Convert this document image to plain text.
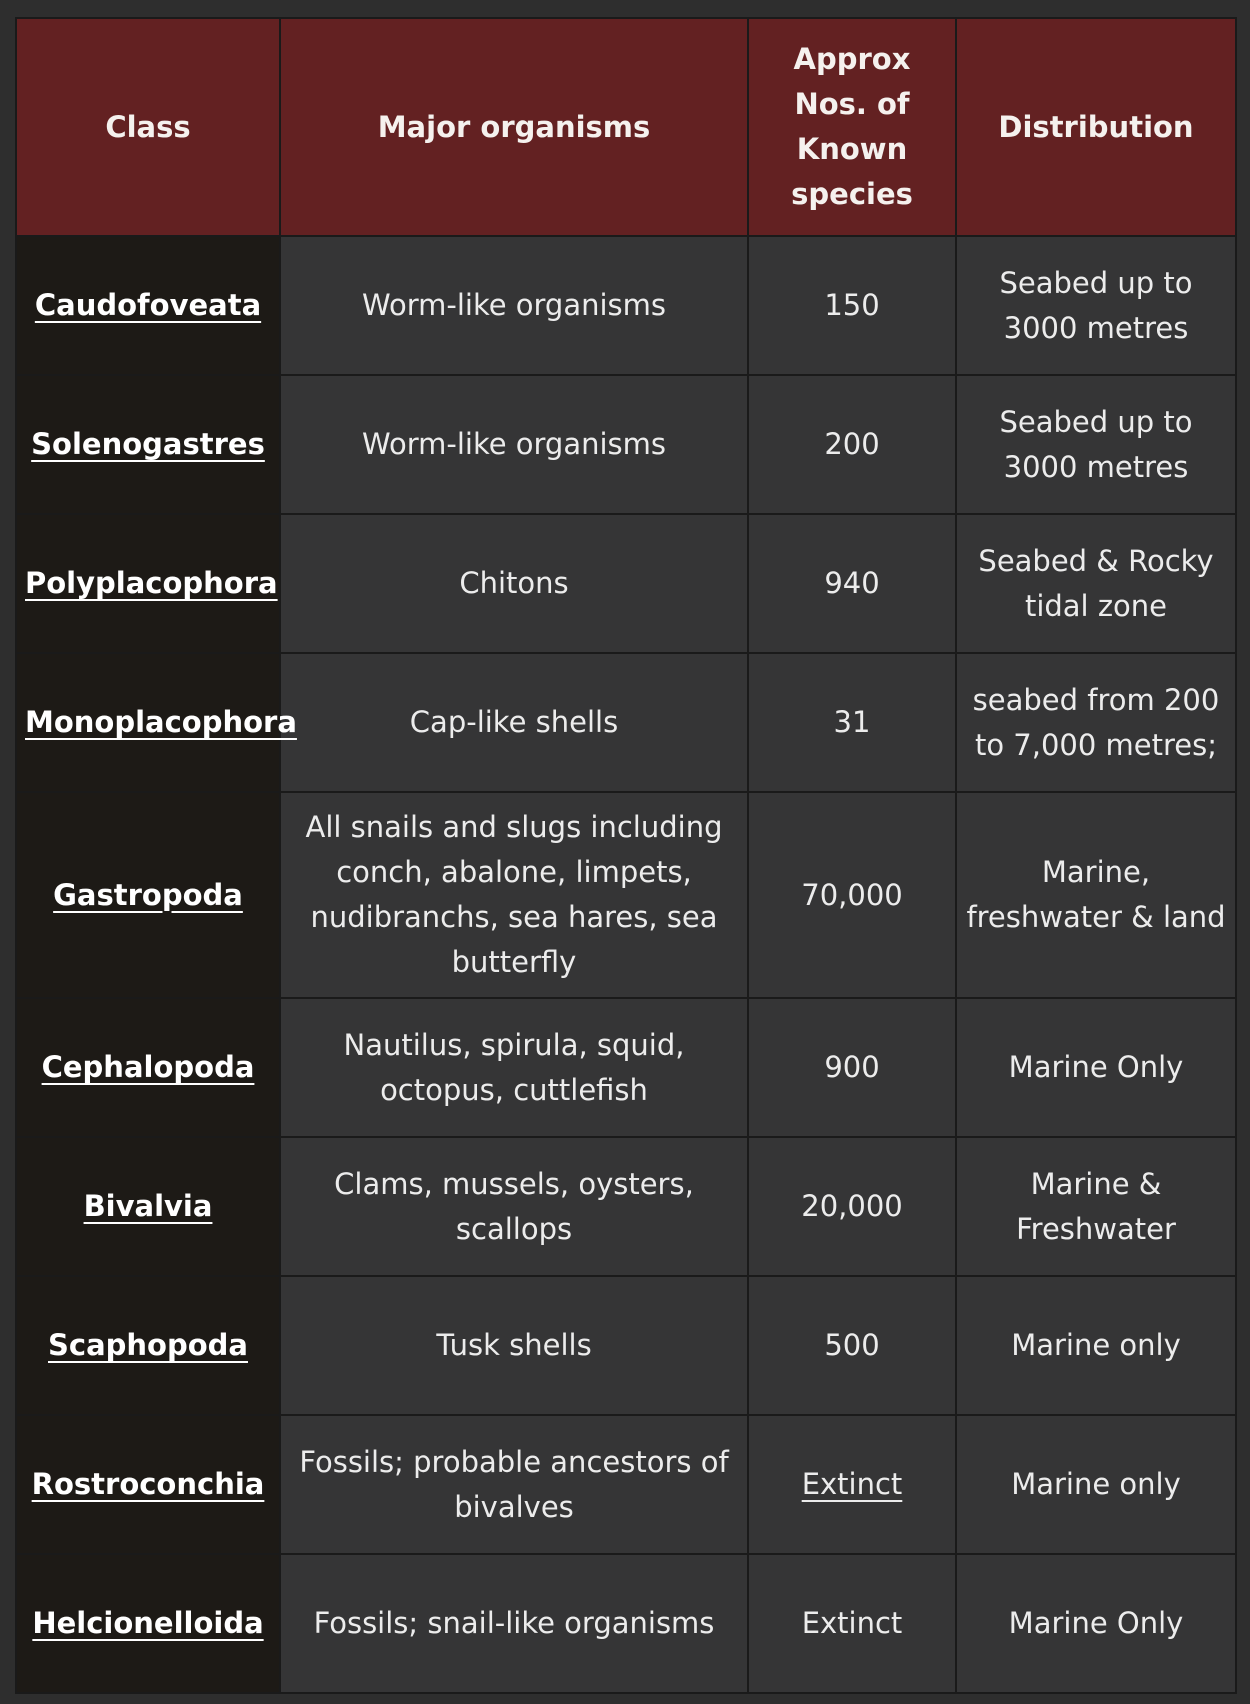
Class	Major organisms	Approx Nos. of Known species	Distribution
Caudofoveata	Worm-like organisms	150	Seabed up to 3000 metres
Solenogastres	Worm-like organisms	200	Seabed up to 3000 metres
Polyplacophora	Chitons	940	Seabed & Rocky tidal zone
Monoplacophora	Cap-like shells	31	seabed from 200 to 7,000 metres;
Gastropoda	All snails and slugs including conch, abalone, limpets, nudibranchs, sea hares, sea butterfly	70,000	Marine, freshwater & land
Cephalopoda	Nautilus, spirula, squid, octopus, cuttlefish	900	Marine Only
Bivalvia	Clams, mussels, oysters, scallops	20,000	Marine & Freshwater
Scaphopoda	Tusk shells	500	Marine only
Rostroconchia	Fossils; probable ancestors of bivalves	Extinct	Marine only
Helcionelloida	Fossils; snail-like organisms	Extinct	Marine Only
